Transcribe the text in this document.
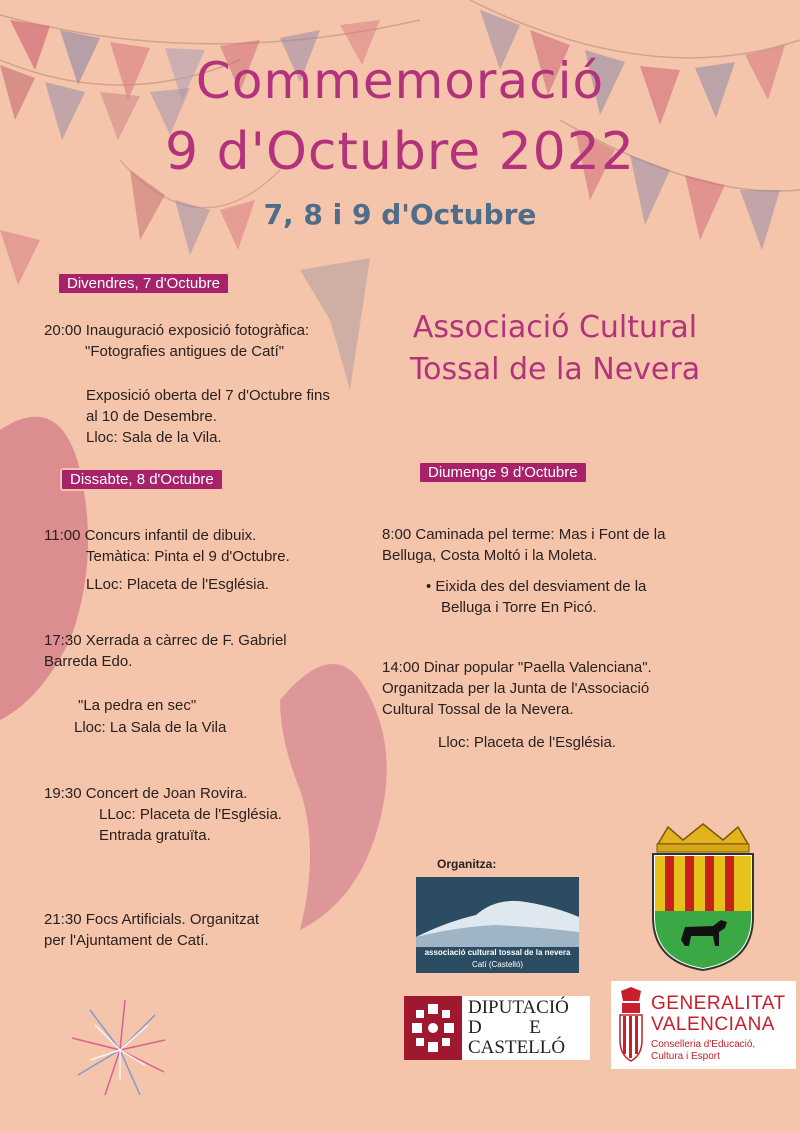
Commemoració
9 d'Octubre 2022
7, 8 i 9 d'Octubre
Associació Cultural
Tossal de la Nevera
Divendres, 7 d'Octubre
20:00 Inauguració exposició fotogràfica:
"Fotografies antigues de Catí"
Exposició oberta del 7 d'Octubre fins
al 10 de Desembre.
Lloc: Sala de la Vila.
Dissabte, 8 d'Octubre
11:00 Concurs infantil de dibuix.
Temàtica: Pinta el 9 d'Octubre.
LLoc: Placeta de l'Església.
17:30 Xerrada a càrrec de F. Gabriel
Barreda Edo.
"La pedra en sec"
Lloc: La Sala de la Vila
19:30 Concert de Joan Rovira.
LLoc: Placeta de l'Església.
Entrada gratuïta.
21:30 Focs Artificials. Organitzat
per l'Ajuntament de Catí.
Diumenge 9 d'Octubre
8:00 Caminada pel terme: Mas i Font de la
Belluga, Costa Moltó i la Moleta.
• Eixida des del desviament de la
Belluga i Torre En Picó.
14:00 Dinar popular "Paella Valenciana".
Organitzada per la Junta de l'Associació
Cultural Tossal de la Nevera.
Lloc: Placeta de l'Església.
Organitza:
associació cultural tossal de la nevera
Catí (Castelló)
DIPUTACIÓ
D          E
CASTELLÓ
GENERALITAT
VALENCIANA
Conselleria d'Educació,
Cultura i Esport
